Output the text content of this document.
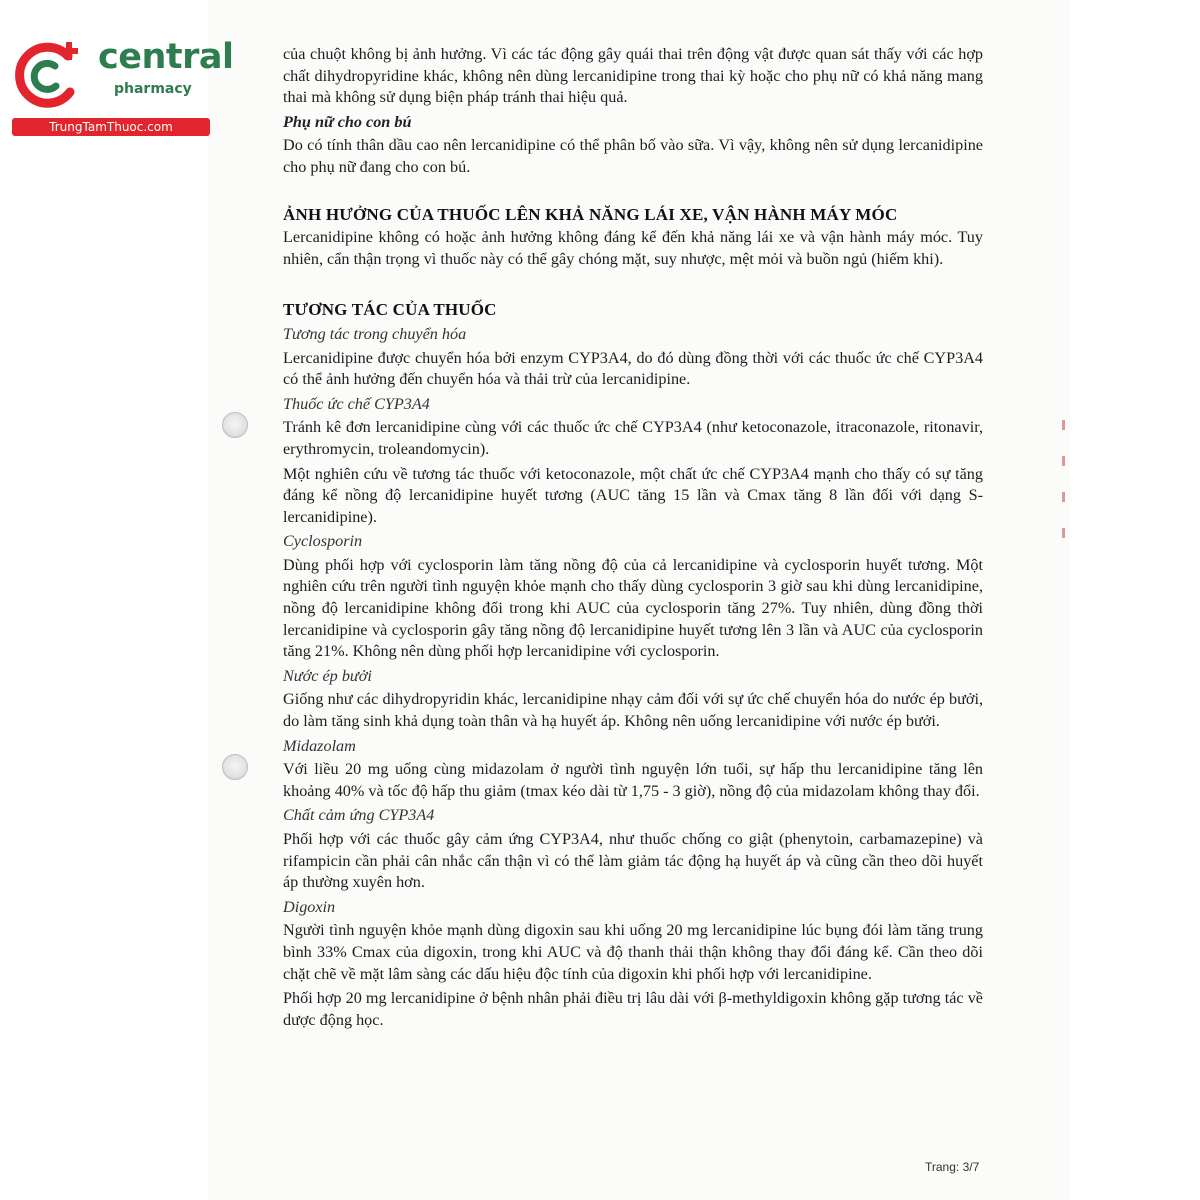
central
pharmacy
TrungTamThuoc.com

của chuột không bị ảnh hưởng. Vì các tác động gây quái thai trên động vật được quan sát thấy với các hợp chất dihydropyridine khác, không nên dùng lercanidipine trong thai kỳ hoặc cho phụ nữ có khả năng mang thai mà không sử dụng biện pháp tránh thai hiệu quả.

Phụ nữ cho con bú

Do có tính thân dầu cao nên lercanidipine có thể phân bố vào sữa. Vì vậy, không nên sử dụng lercanidipine cho phụ nữ đang cho con bú.

ẢNH HƯỞNG CỦA THUỐC LÊN KHẢ NĂNG LÁI XE, VẬN HÀNH MÁY MÓC

Lercanidipine không có hoặc ảnh hưởng không đáng kể đến khả năng lái xe và vận hành máy móc. Tuy nhiên, cẩn thận trọng vì thuốc này có thể gây chóng mặt, suy nhược, mệt mỏi và buồn ngủ (hiếm khi).

TƯƠNG TÁC CỦA THUỐC

Tương tác trong chuyển hóa

Lercanidipine được chuyển hóa bởi enzym CYP3A4, do đó dùng đồng thời với các thuốc ức chế CYP3A4 có thể ảnh hưởng đến chuyển hóa và thải trừ của lercanidipine.

Thuốc ức chế CYP3A4

Tránh kê đơn lercanidipine cùng với các thuốc ức chế CYP3A4 (như ketoconazole, itraconazole, ritonavir, erythromycin, troleandomycin).

Một nghiên cứu về tương tác thuốc với ketoconazole, một chất ức chế CYP3A4 mạnh cho thấy có sự tăng đáng kể nồng độ lercanidipine huyết tương (AUC tăng 15 lần và Cmax tăng 8 lần đối với dạng S-lercanidipine).

Cyclosporin

Dùng phối hợp với cyclosporin làm tăng nồng độ của cả lercanidipine và cyclosporin huyết tương. Một nghiên cứu trên người tình nguyện khỏe mạnh cho thấy dùng cyclosporin 3 giờ sau khi dùng lercanidipine, nồng độ lercanidipine không đổi trong khi AUC của cyclosporin tăng 27%. Tuy nhiên, dùng đồng thời lercanidipine và cyclosporin gây tăng nồng độ lercanidipine huyết tương lên 3 lần và AUC của cyclosporin tăng 21%. Không nên dùng phối hợp lercanidipine với cyclosporin.

Nước ép bưởi

Giống như các dihydropyridin khác, lercanidipine nhạy cảm đối với sự ức chế chuyển hóa do nước ép bưởi, do làm tăng sinh khả dụng toàn thân và hạ huyết áp. Không nên uống lercanidipine với nước ép bưởi.

Midazolam

Với liều 20 mg uống cùng midazolam ở người tình nguyện lớn tuổi, sự hấp thu lercanidipine tăng lên khoảng 40% và tốc độ hấp thu giảm (tmax kéo dài từ 1,75 - 3 giờ), nồng độ của midazolam không thay đổi.

Chất cảm ứng CYP3A4

Phối hợp với các thuốc gây cảm ứng CYP3A4, như thuốc chống co giật (phenytoin, carbamazepine) và rifampicin cần phải cân nhắc cẩn thận vì có thể làm giảm tác động hạ huyết áp và cũng cần theo dõi huyết áp thường xuyên hơn.

Digoxin

Người tình nguyện khỏe mạnh dùng digoxin sau khi uống 20 mg lercanidipine lúc bụng đói làm tăng trung bình 33% Cmax của digoxin, trong khi AUC và độ thanh thải thận không thay đổi đáng kể. Cần theo dõi chặt chẽ về mặt lâm sàng các dấu hiệu độc tính của digoxin khi phối hợp với lercanidipine.

Phối hợp 20 mg lercanidipine ở bệnh nhân phải điều trị lâu dài với β-methyldigoxin không gặp tương tác về dược động học.

Trang: 3/7
